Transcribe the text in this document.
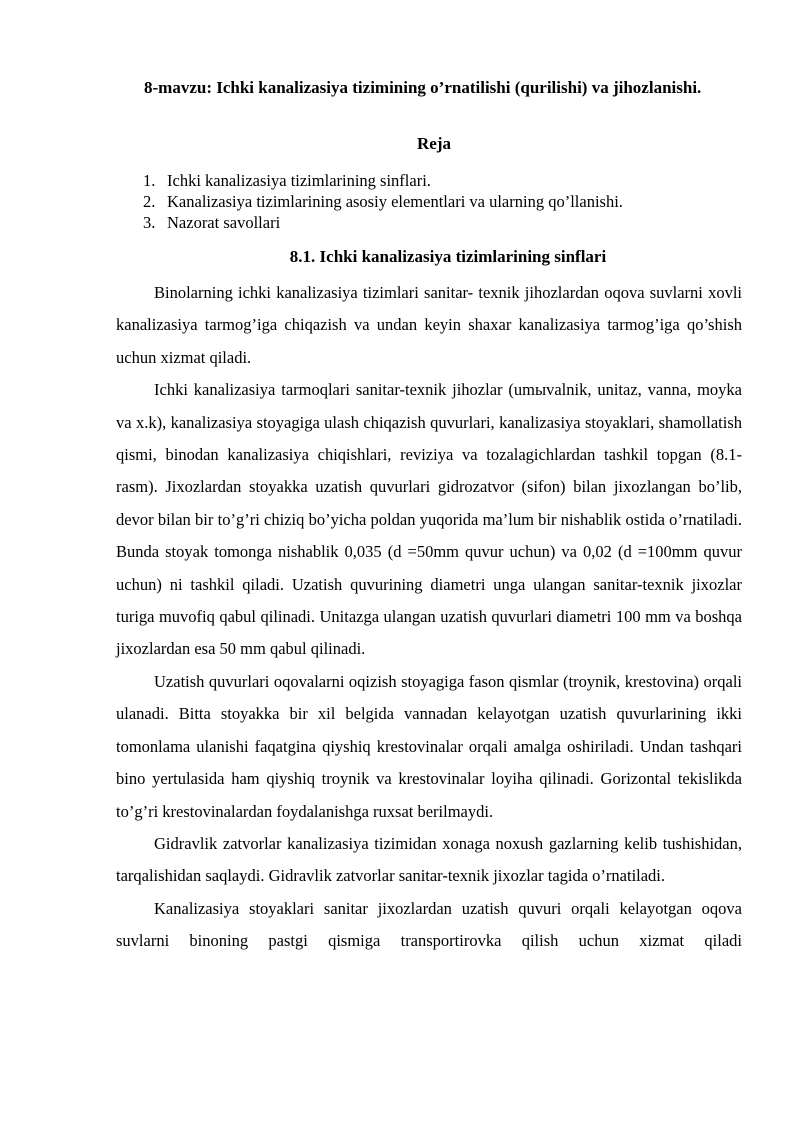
8-mavzu: Ichki kanalizasiya tizimining o’rnatilishi (qurilishi) va jihozlanishi.

Reja

1. Ichki kanalizasiya tizimlarining sinflari.
2. Kanalizasiya tizimlarining asosiy elementlari va ularning qo’llanishi.
3. Nazorat savollari

8.1. Ichki kanalizasiya tizimlarining sinflari

Binolarning ichki kanalizasiya tizimlari sanitar- texnik jihozlardan oqova suvlarni xovli kanalizasiya tarmog’iga chiqazish va undan keyin shaxar kanalizasiya tarmog’iga qo’shish uchun xizmat qiladi.

Ichki kanalizasiya tarmoqlari sanitar-texnik jihozlar (umыvalnik, unitaz, vanna, moyka va x.k), kanalizasiya stoyagiga ulash chiqazish quvurlari, kanalizasiya stoyaklari, shamollatish qismi, binodan kanalizasiya chiqishlari, reviziya va tozalagichlardan tashkil topgan (8.1-rasm). Jixozlardan stoyakka uzatish quvurlari gidrozatvor (sifon) bilan jixozlangan bo’lib, devor bilan bir to’g’ri chiziq bo’yicha poldan yuqorida ma’lum bir nishablik ostida o’rnatiladi. Bunda stoyak tomonga nishablik 0,035 (d =50mm quvur uchun) va 0,02 (d =100mm quvur uchun) ni tashkil qiladi. Uzatish quvurining diametri unga ulangan sanitar-texnik jixozlar turiga muvofiq qabul qilinadi. Unitazga ulangan uzatish quvurlari diametri 100 mm va boshqa jixozlardan esa 50 mm qabul qilinadi.

Uzatish quvurlari oqovalarni oqizish stoyagiga fason qismlar (troynik, krestovina) orqali ulanadi. Bitta stoyakka bir xil belgida vannadan kelayotgan uzatish quvurlarining ikki tomonlama ulanishi faqatgina qiyshiq krestovinalar orqali amalga oshiriladi. Undan tashqari bino yertulasida ham qiyshiq troynik va krestovinalar loyiha qilinadi. Gorizontal tekislikda to’g’ri krestovinalardan foydalanishga ruxsat berilmaydi.

Gidravlik zatvorlar kanalizasiya tizimidan xonaga noxush gazlarning kelib tushishidan, tarqalishidan saqlaydi. Gidravlik zatvorlar sanitar-texnik jixozlar tagida o’rnatiladi.

Kanalizasiya stoyaklari sanitar jixozlardan uzatish quvuri orqali kelayotgan oqova suvlarni binoning pastgi qismiga transportirovka qilish uchun xizmat qiladi
